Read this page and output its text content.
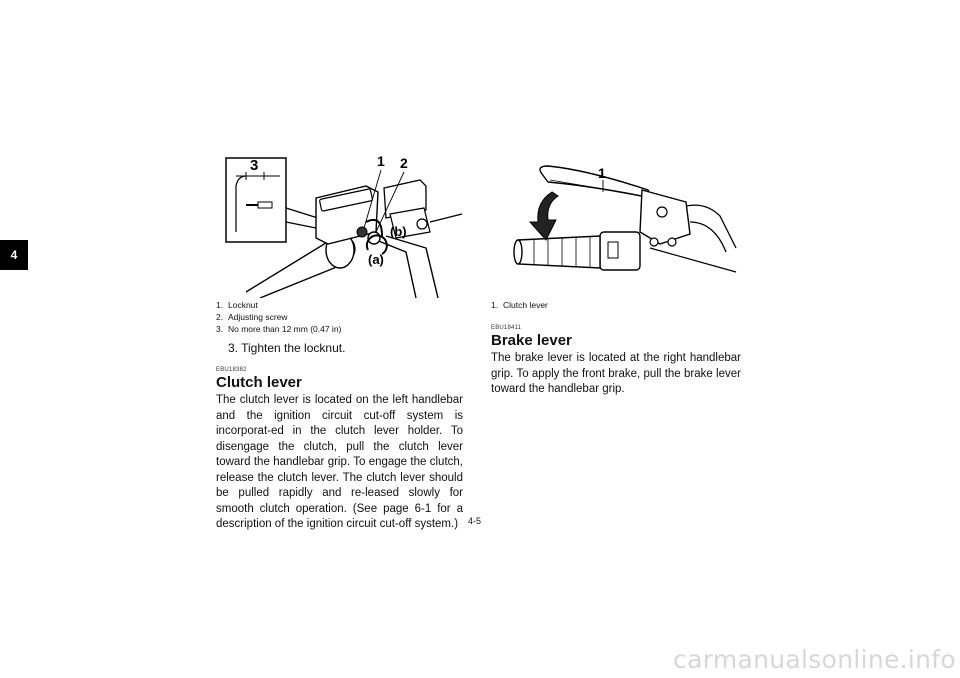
4
3	1 2
(b)
(a)
1. Locknut
2. Adjusting screw
3. No more than 12 mm (0.47 in)
3. Tighten the locknut.
EBU18382
Clutch lever
The clutch lever is located on the left handlebar and the ignition circuit cut-off system is incorporat-ed in the clutch lever holder. To disengage the clutch, pull the clutch lever toward the handlebar grip. To engage the clutch, release the clutch lever. The clutch lever should be pulled rapidly and re-leased slowly for smooth clutch operation. (See page 6-1 for a description of the ignition circuit cut-off system.)
1
1. Clutch lever
EBU18411
Brake lever
The brake lever is located at the right handlebar grip. To apply the front brake, pull the brake lever toward the handlebar grip.
4-5
carmanualsonline.info
